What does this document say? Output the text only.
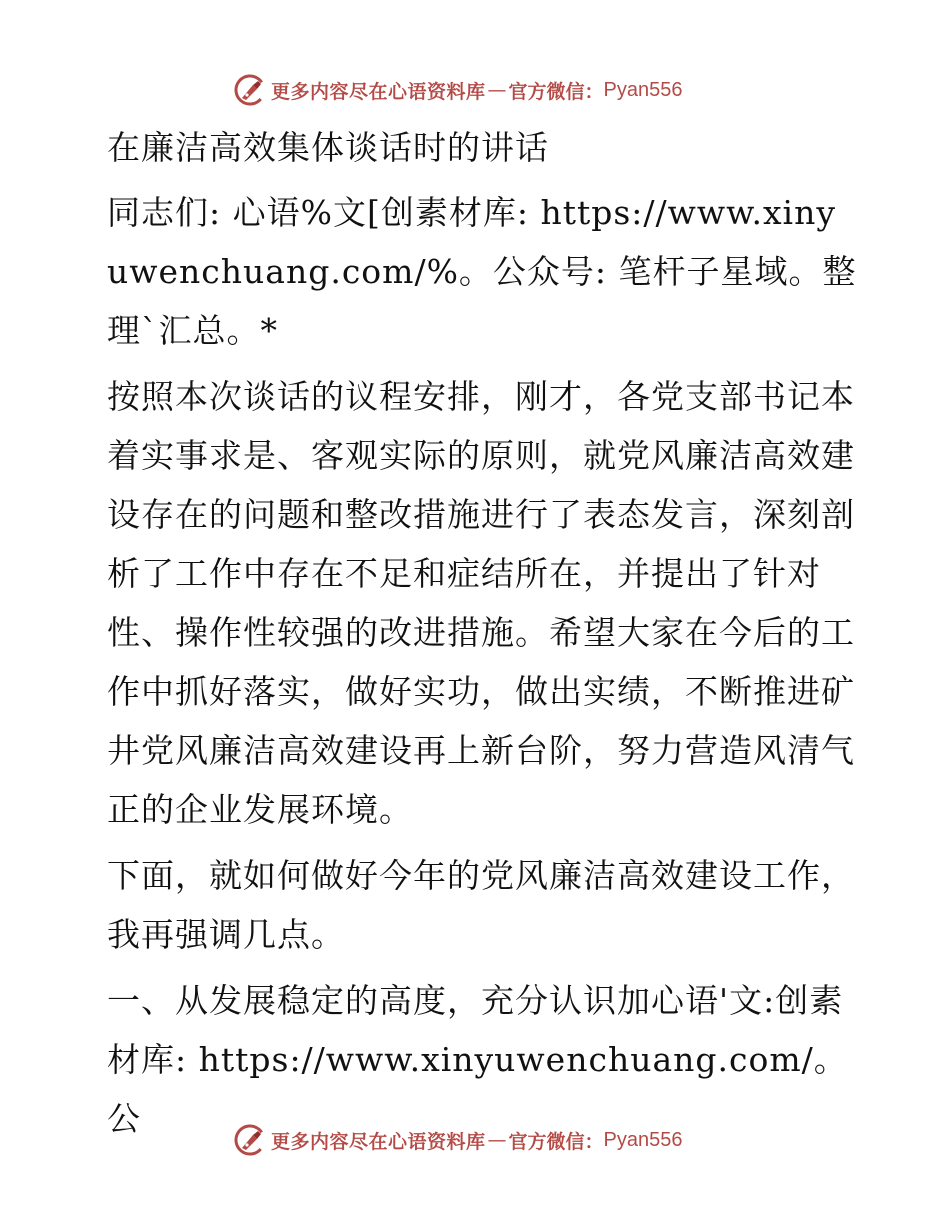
更多内容尽在心语资料库 — 官方微信： Pyan556

在廉洁高效集体谈话时的讲话

同志们: 心语%文[创素材库: https://www.xinyuwenchuang.com/%。公众号: 笔杆子星域。整理`汇总。*

按照本次谈话的议程安排，刚才，各党支部书记本着实事求是、客观实际的原则，就党风廉洁高效建设存在的问题和整改措施进行了表态发言，深刻剖析了工作中存在不足和症结所在，并提出了针对性、操作性较强的改进措施。希望大家在今后的工作中抓好落实，做好实功，做出实绩，不断推进矿井党风廉洁高效建设再上新台阶，努力营造风清气正的企业发展环境。

下面，就如何做好今年的党风廉洁高效建设工作，我再强调几点。

一、从发展稳定的高度，充分认识加心语'文:创素材库: https://www.xinyuwenchuang.com/。公

更多内容尽在心语资料库 — 官方微信： Pyan556
